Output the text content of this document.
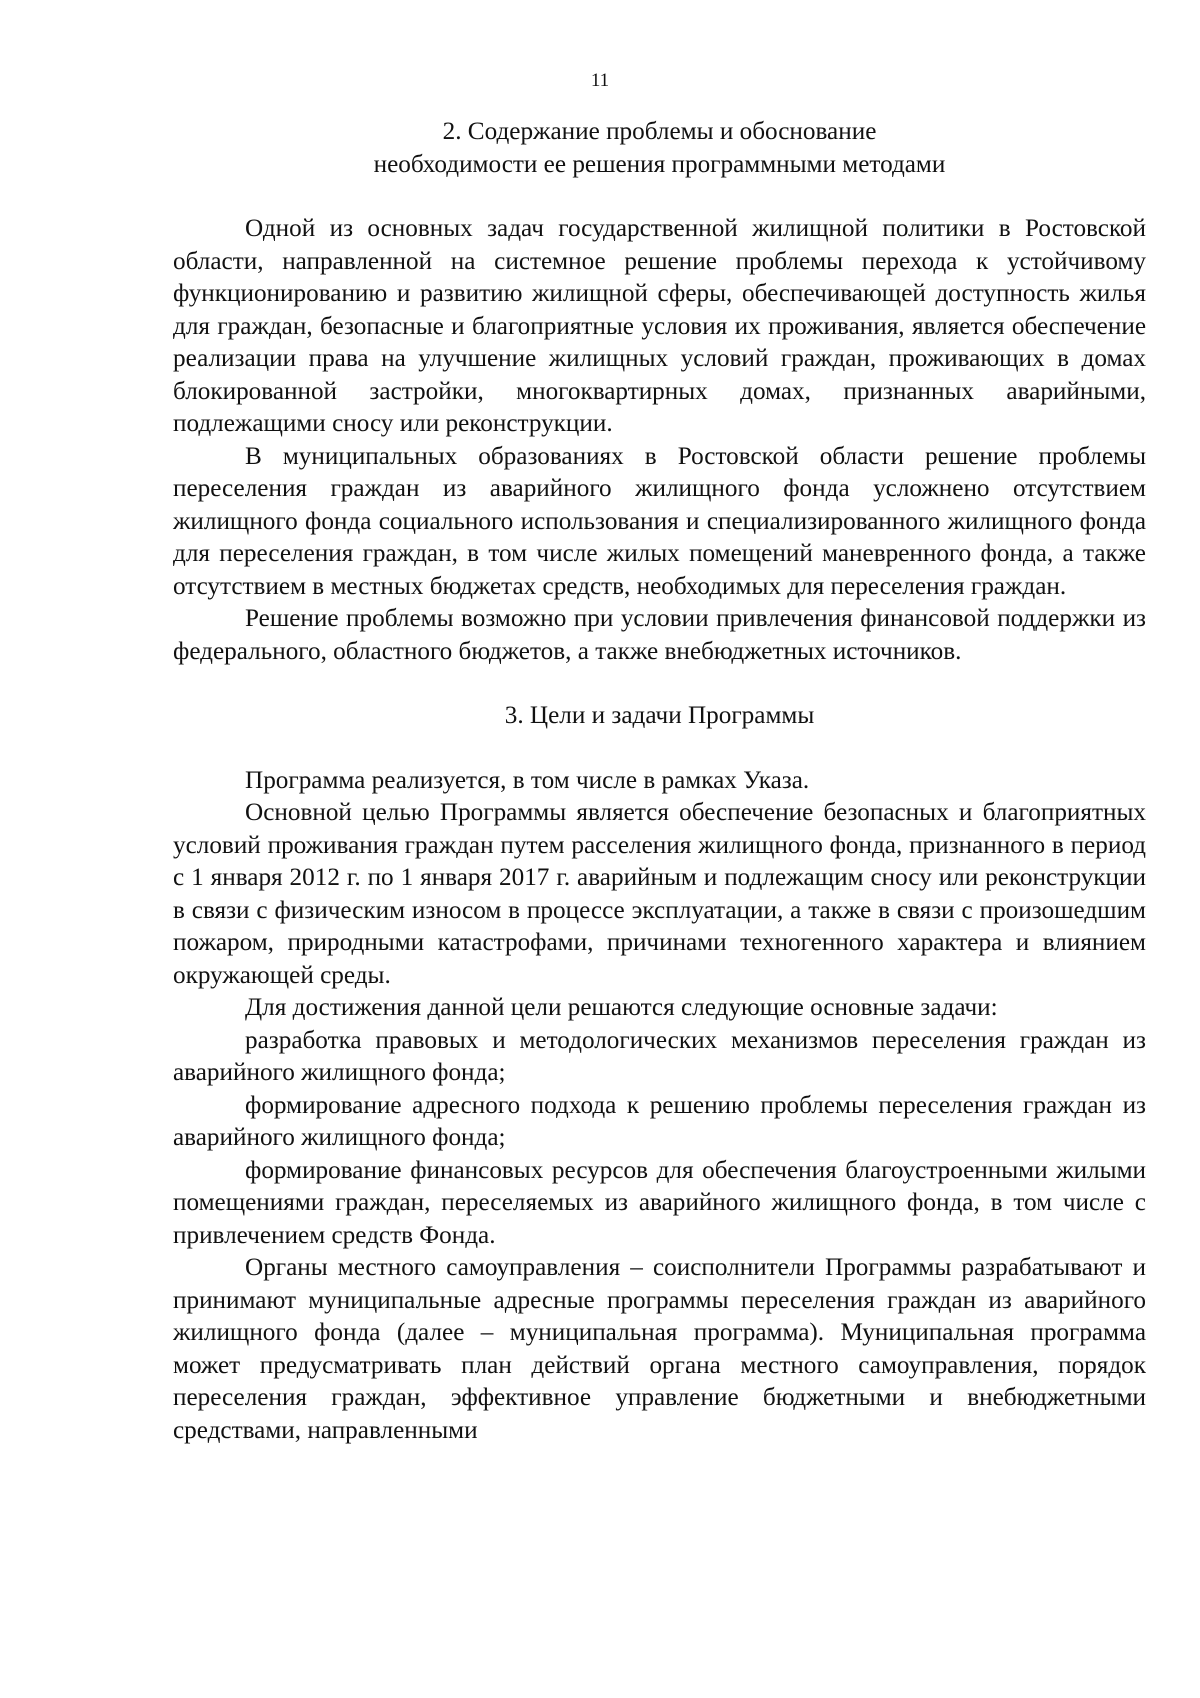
11

2. Содержание проблемы и обоснование
необходимости ее решения программными методами

Одной из основных задач государственной жилищной политики в Ростовской области, направленной на системное решение проблемы перехода к устойчивому функционированию и развитию жилищной сферы, обеспечивающей доступность жилья для граждан, безопасные и благоприятные условия их проживания, является обеспечение реализации права на улучшение жилищных условий граждан, проживающих в домах блокированной застройки, многоквартирных домах, признанных аварийными, подлежащими сносу или реконструкции.

В муниципальных образованиях в Ростовской области решение проблемы переселения граждан из аварийного жилищного фонда усложнено отсутствием жилищного фонда социального использования и специализированного жилищного фонда для переселения граждан, в том числе жилых помещений маневренного фонда, а также отсутствием в местных бюджетах средств, необходимых для переселения граждан.

Решение проблемы возможно при условии привлечения финансовой поддержки из федерального, областного бюджетов, а также внебюджетных источников.

3. Цели и задачи Программы

Программа реализуется, в том числе в рамках Указа.

Основной целью Программы является обеспечение безопасных и благоприятных условий проживания граждан путем расселения жилищного фонда, признанного в период с 1 января 2012 г. по 1 января 2017 г. аварийным и подлежащим сносу или реконструкции в связи с физическим износом в процессе эксплуатации, а также в связи с произошедшим пожаром, природными катастрофами, причинами техногенного характера и влиянием окружающей среды.

Для достижения данной цели решаются следующие основные задачи:

разработка правовых и методологических механизмов переселения граждан из аварийного жилищного фонда;

формирование адресного подхода к решению проблемы переселения граждан из аварийного жилищного фонда;

формирование финансовых ресурсов для обеспечения благоустроенными жилыми помещениями граждан, переселяемых из аварийного жилищного фонда, в том числе с привлечением средств Фонда.

Органы местного самоуправления – соисполнители Программы разрабатывают и принимают муниципальные адресные программы переселения граждан из аварийного жилищного фонда (далее – муниципальная программа). Муниципальная программа может предусматривать план действий органа местного самоуправления, порядок переселения граждан, эффективное управление бюджетными и внебюджетными средствами, направленными
